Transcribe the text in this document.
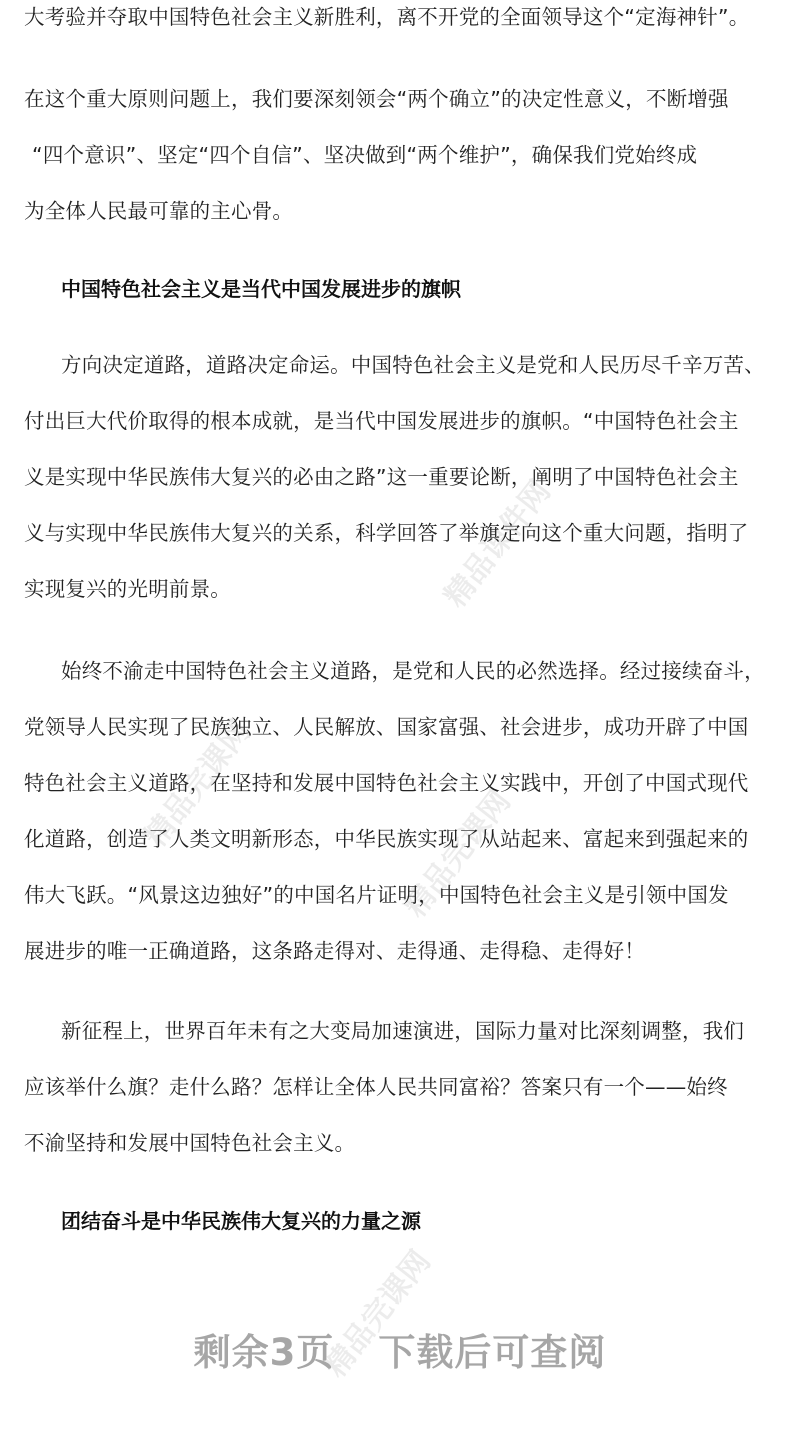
精品课件网
精品完课网
精品完课网
精品完课网
大考验并夺取中国特色社会主义新胜利，离不开党的全面领导这个“定海神针”。
在这个重大原则问题上，我们要深刻领会“两个确立”的决定性意义，不断增强
“四个意识”、坚定“四个自信”、坚决做到“两个维护”，确保我们党始终成
为全体人民最可靠的主心骨。
中国特色社会主义是当代中国发展进步的旗帜
方向决定道路，道路决定命运。中国特色社会主义是党和人民历尽千辛万苦、
付出巨大代价取得的根本成就，是当代中国发展进步的旗帜。“中国特色社会主
义是实现中华民族伟大复兴的必由之路”这一重要论断，阐明了中国特色社会主
义与实现中华民族伟大复兴的关系，科学回答了举旗定向这个重大问题，指明了
实现复兴的光明前景。
始终不渝走中国特色社会主义道路，是党和人民的必然选择。经过接续奋斗，
党领导人民实现了民族独立、人民解放、国家富强、社会进步，成功开辟了中国
特色社会主义道路，在坚持和发展中国特色社会主义实践中，开创了中国式现代
化道路，创造了人类文明新形态，中华民族实现了从站起来、富起来到强起来的
伟大飞跃。“风景这边独好”的中国名片证明，中国特色社会主义是引领中国发
展进步的唯一正确道路，这条路走得对、走得通、走得稳、走得好！
新征程上，世界百年未有之大变局加速演进，国际力量对比深刻调整，我们
应该举什么旗？走什么路？怎样让全体人民共同富裕？答案只有一个——始终
不渝坚持和发展中国特色社会主义。
团结奋斗是中华民族伟大复兴的力量之源
剩余3页 下载后可查阅
